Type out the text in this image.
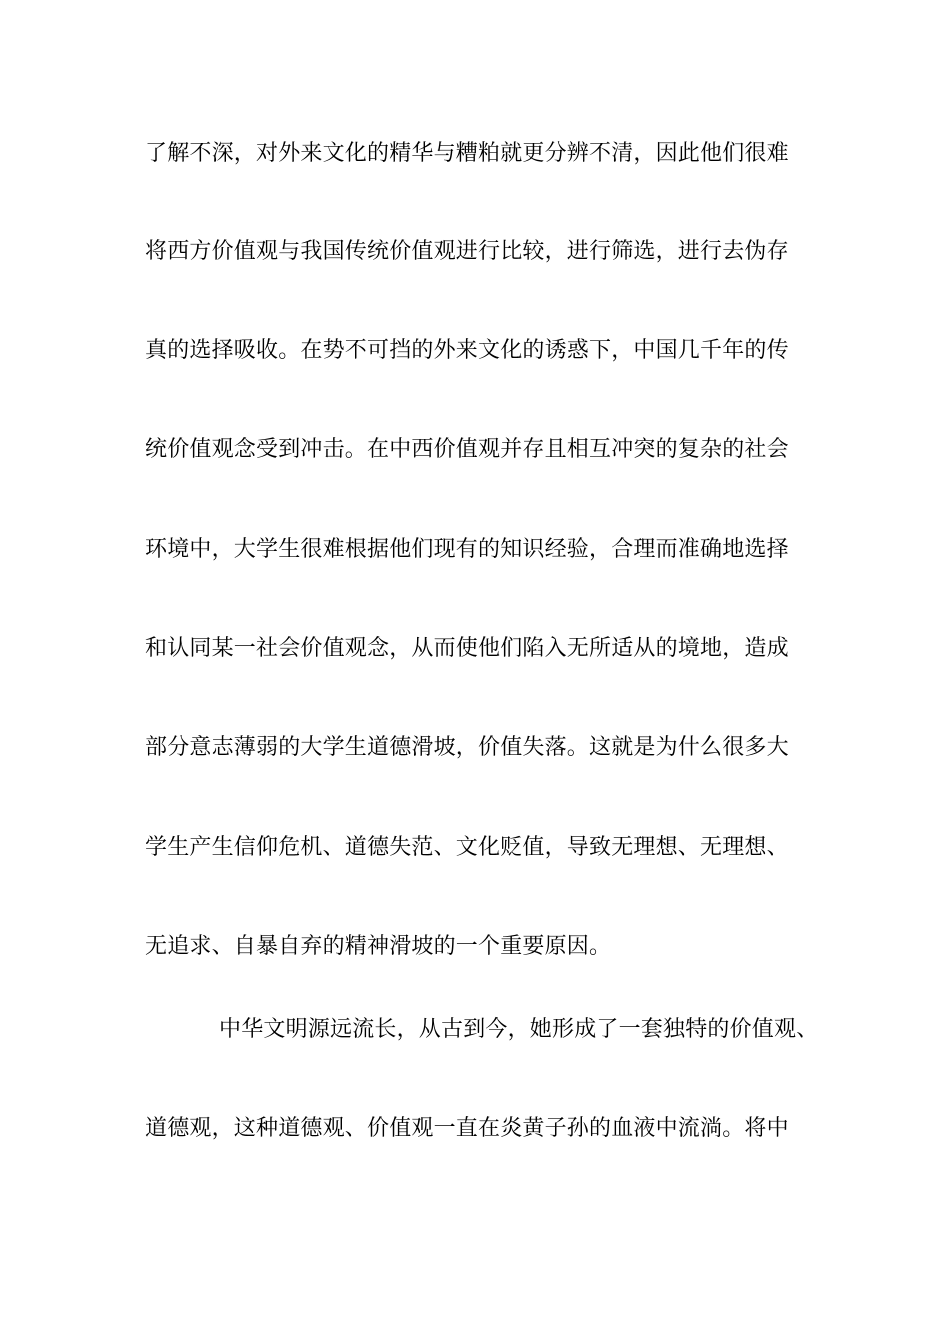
了解不深，对外来文化的精华与糟粕就更分辨不清，因此他们很难
将西方价值观与我国传统价值观进行比较，进行筛选，进行去伪存
真的选择吸收。在势不可挡的外来文化的诱惑下，中国几千年的传
统价值观念受到冲击。在中西价值观并存且相互冲突的复杂的社会
环境中，大学生很难根据他们现有的知识经验，合理而准确地选择
和认同某一社会价值观念，从而使他们陷入无所适从的境地，造成
部分意志薄弱的大学生道德滑坡，价值失落。这就是为什么很多大
学生产生信仰危机、道德失范、文化贬值，导致无理想、无理想、
无追求、自暴自弃的精神滑坡的一个重要原因。
中华文明源远流长，从古到今，她形成了一套独特的价值观、
道德观，这种道德观、价值观一直在炎黄子孙的血液中流淌。将中
